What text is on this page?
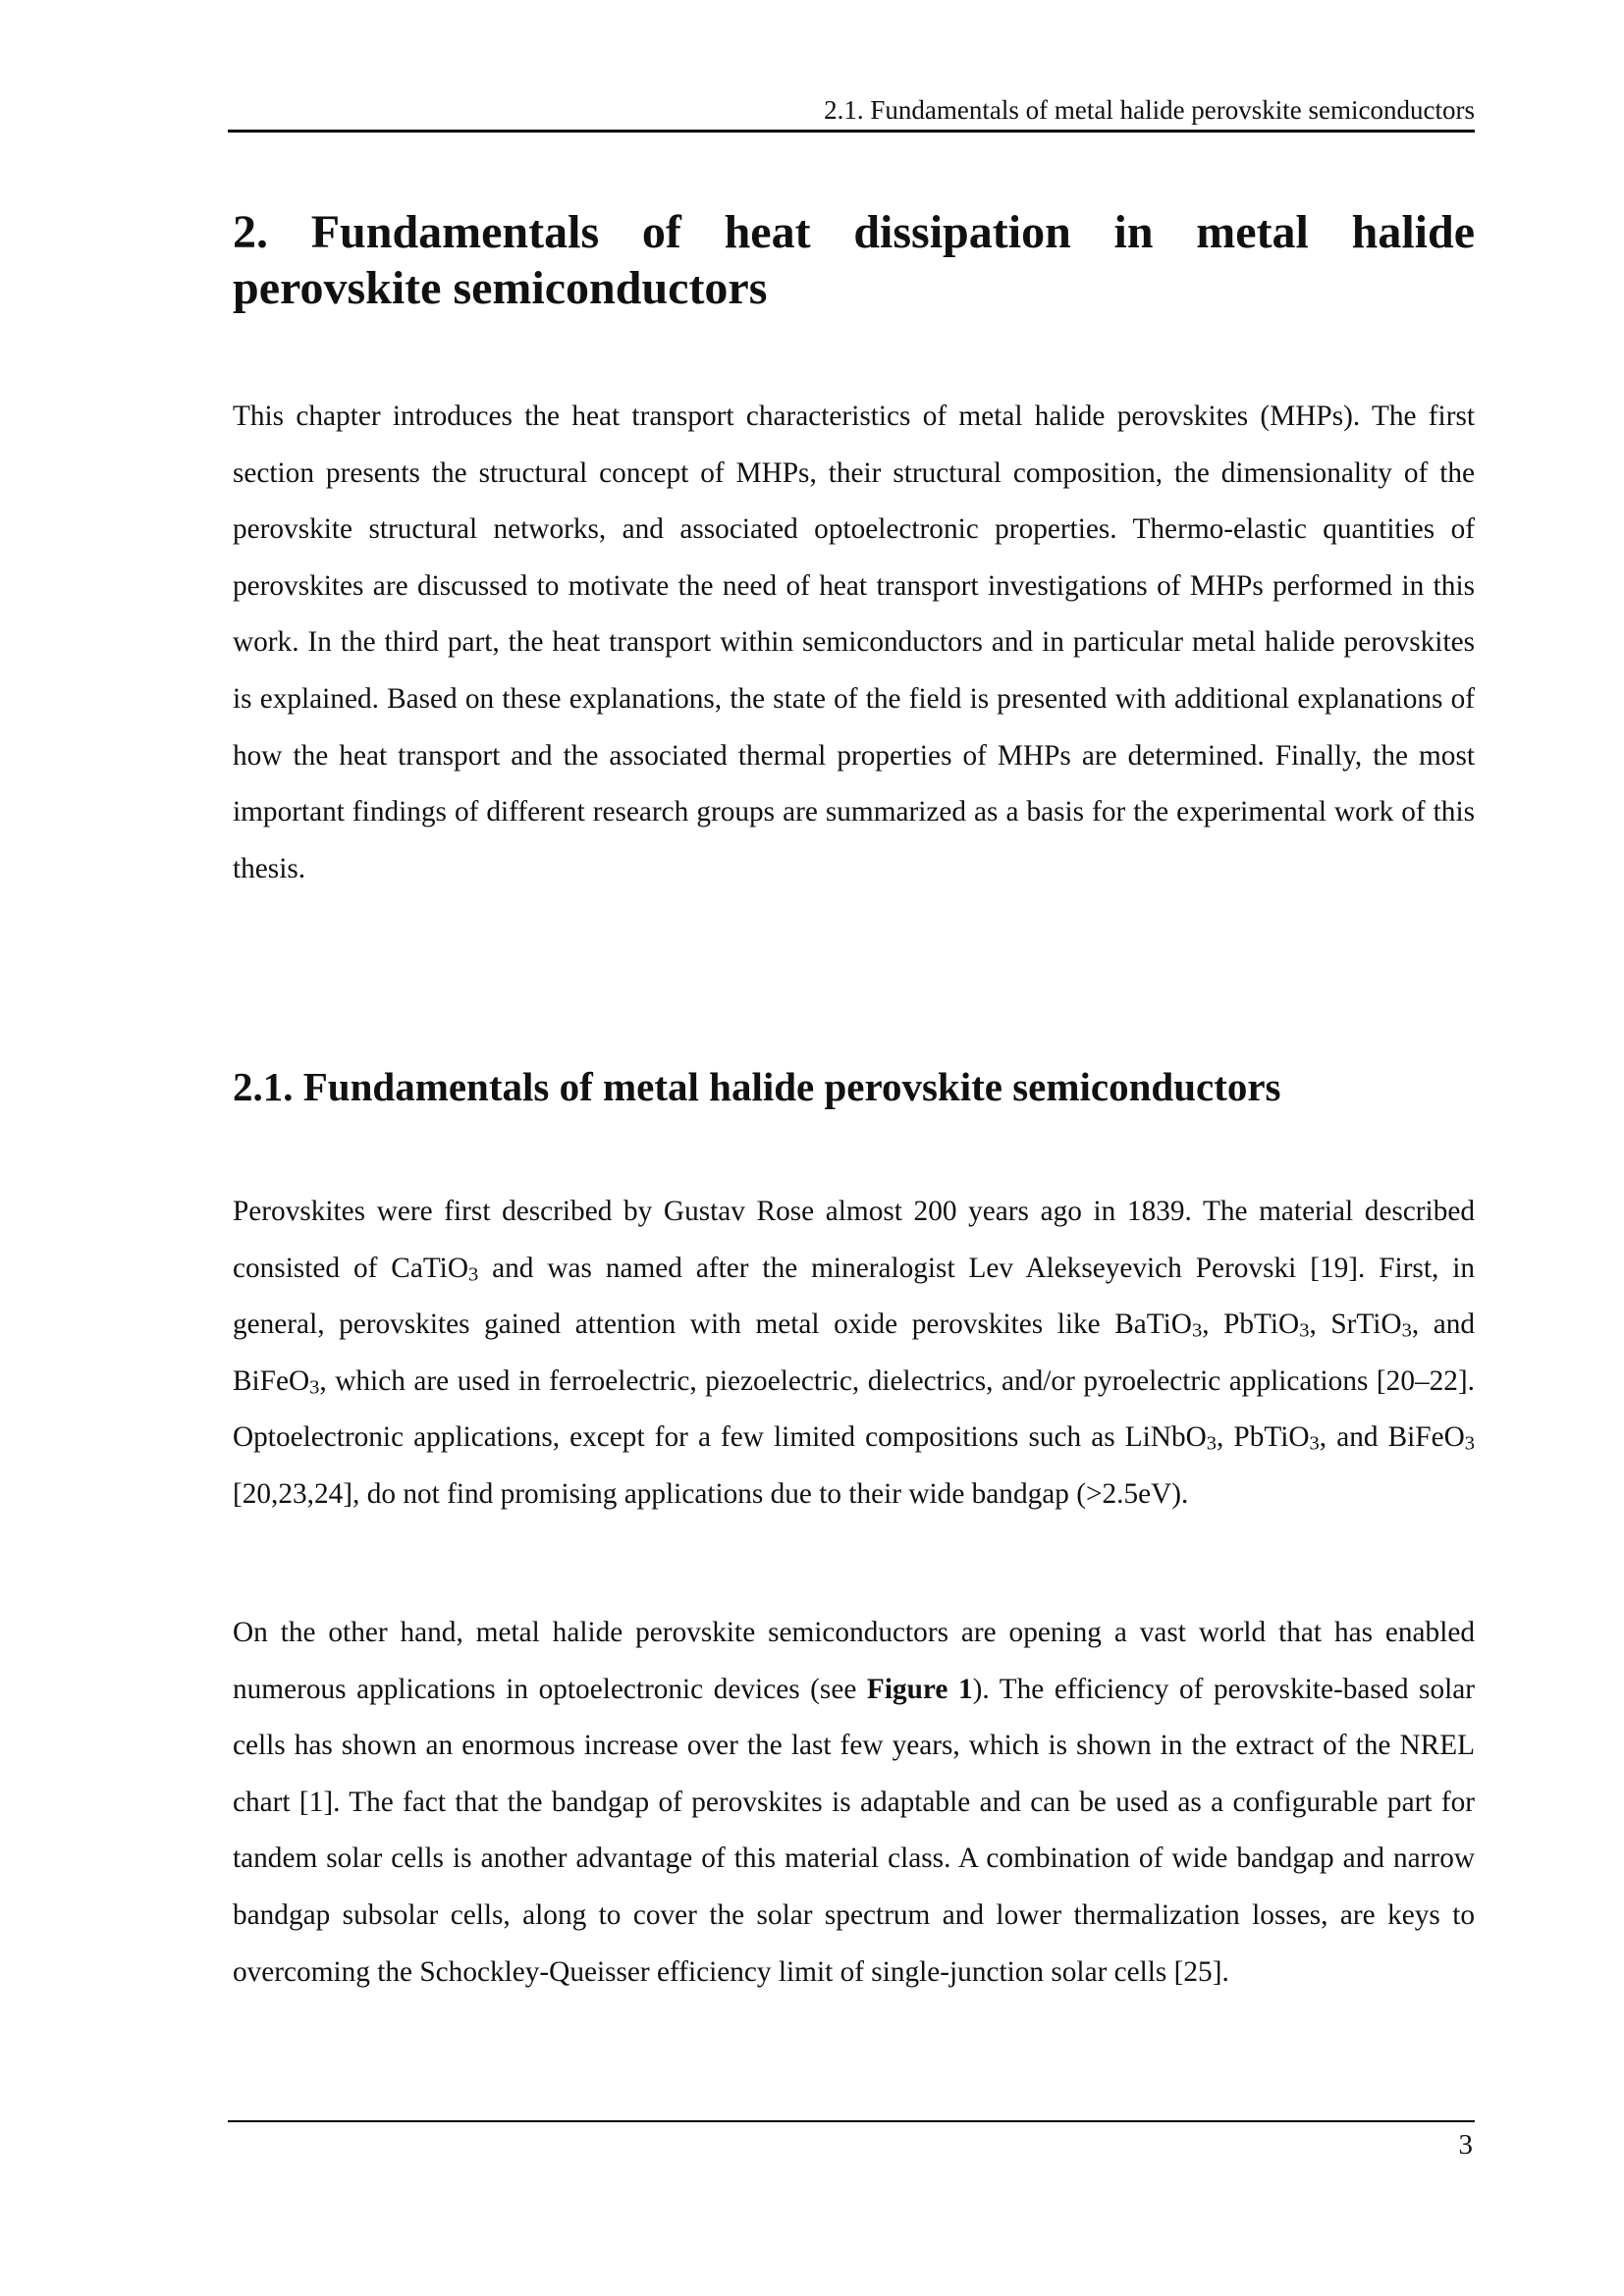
2.1. Fundamentals of metal halide perovskite semiconductors
2. Fundamentals of heat dissipation in metal halide perovskite semiconductors

This chapter introduces the heat transport characteristics of metal halide perovskites (MHPs). The first section presents the structural concept of MHPs, their structural composition, the dimensionality of the perovskite structural networks, and associated optoelectronic properties. Thermo-elastic quantities of perovskites are discussed to motivate the need of heat transport investigations of MHPs performed in this work. In the third part, the heat transport within semiconductors and in particular metal halide perovskites is explained. Based on these explanations, the state of the field is presented with additional explanations of how the heat transport and the associated thermal properties of MHPs are determined. Finally, the most important findings of different research groups are summarized as a basis for the experimental work of this thesis.

2.1. Fundamentals of metal halide perovskite semiconductors

Perovskites were first described by Gustav Rose almost 200 years ago in 1839. The material described consisted of CaTiO$_3$ and was named after the mineralogist Lev Alekseyevich Perovski [19]. First, in general, perovskites gained attention with metal oxide perovskites like BaTiO$_3$, PbTiO$_3$, SrTiO$_3$, and BiFeO$_3$, which are used in ferroelectric, piezoelectric, dielectrics, and/or pyroelectric applications [20–22]. Optoelectronic applications, except for a few limited compositions such as LiNbO$_3$, PbTiO$_3$, and BiFeO$_3$ [20,23,24], do not find promising applications due to their wide bandgap (>2.5eV).

On the other hand, metal halide perovskite semiconductors are opening a vast world that has enabled numerous applications in optoelectronic devices (see Figure 1). The efficiency of perovskite-based solar cells has shown an enormous increase over the last few years, which is shown in the extract of the NREL chart [1]. The fact that the bandgap of perovskites is adaptable and can be used as a configurable part for tandem solar cells is another advantage of this material class. A combination of wide bandgap and narrow bandgap subsolar cells, along to cover the solar spectrum and lower thermalization losses, are keys to overcoming the Schockley-Queisser efficiency limit of single-junction solar cells [25].

3
